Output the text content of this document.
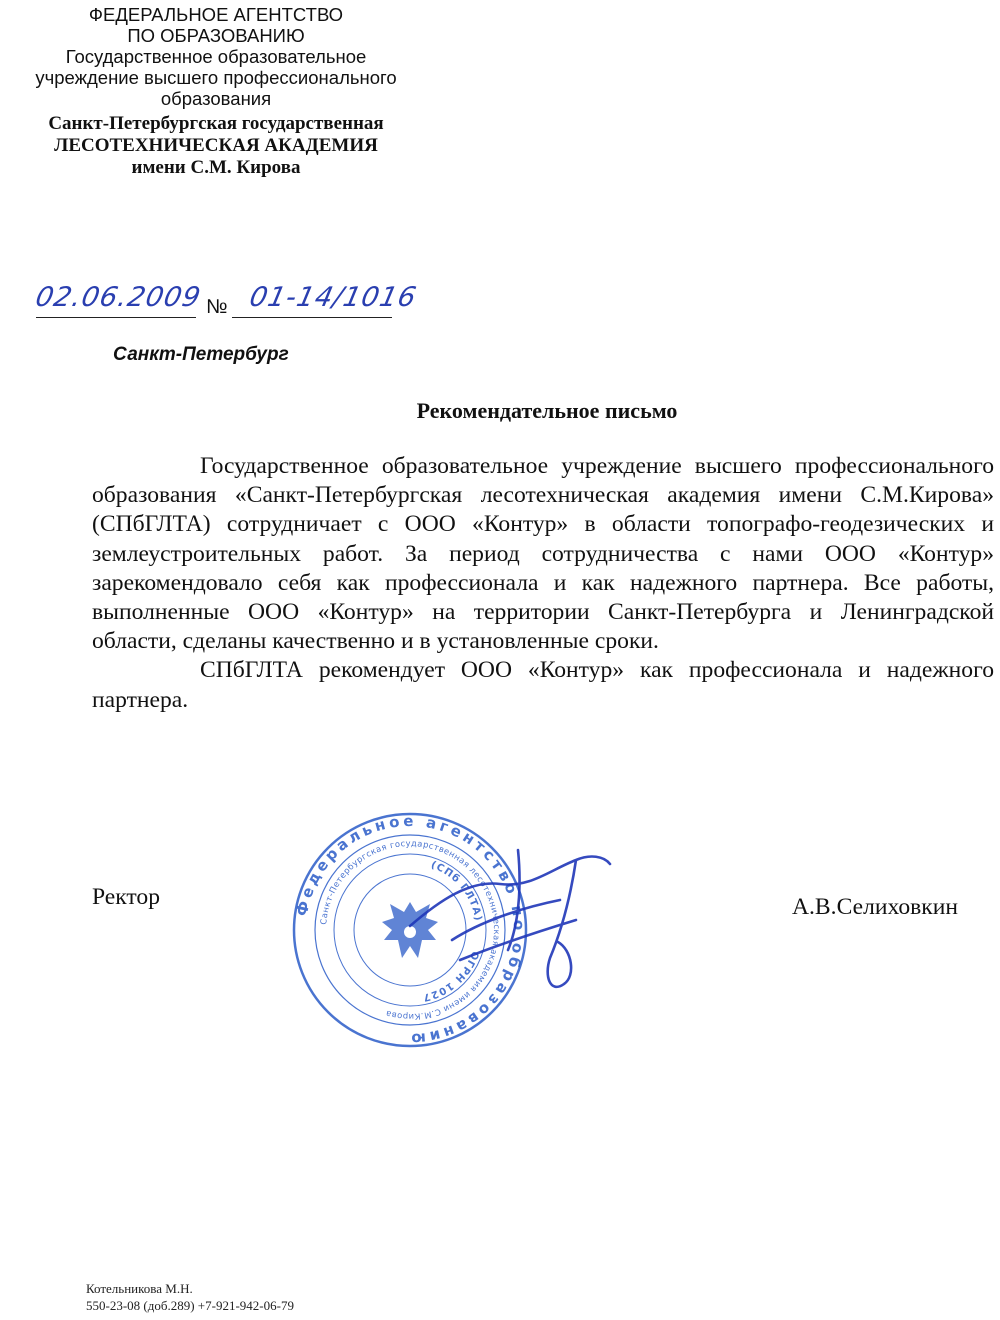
ФЕДЕРАЛЬНОЕ АГЕНТСТВО
ПО ОБРАЗОВАНИЮ
Государственное образовательное
учреждение высшего профессионального
образования
Санкт-Петербургская государственная
ЛЕСОТЕХНИЧЕСКАЯ АКАДЕМИЯ
имени С.М. Кирова
02.06.2009 № 01-14/1016
Санкт-Петербург
Рекомендательное письмо

Государственное образовательное учреждение высшего профессионального образования «Санкт-Петербургская лесотехническая академия имени С.М.Кирова» (СПбГЛТА) сотрудничает с ООО «Контур» в области топографо-геодезических и землеустроительных работ. За период сотрудничества с нами ООО «Контур» зарекомендовало себя как профессионала и как надежного партнера. Все работы, выполненные ООО «Контур» на территории Санкт-Петербурга и Ленинградской области, сделаны качественно и в установленные сроки.

СПбГЛТА рекомендует ООО «Контур» как профессионала и надежного партнера.

Ректор	А.В.Селиховкин
Федеральное агентство по образованию
Санкт-Петербургская государственная лесотехническая академия имени С.М.Кирова
(СПб ГЛТА)
ОГРН 1027
Котельникова М.Н.
550-23-08 (доб.289) +7-921-942-06-79
